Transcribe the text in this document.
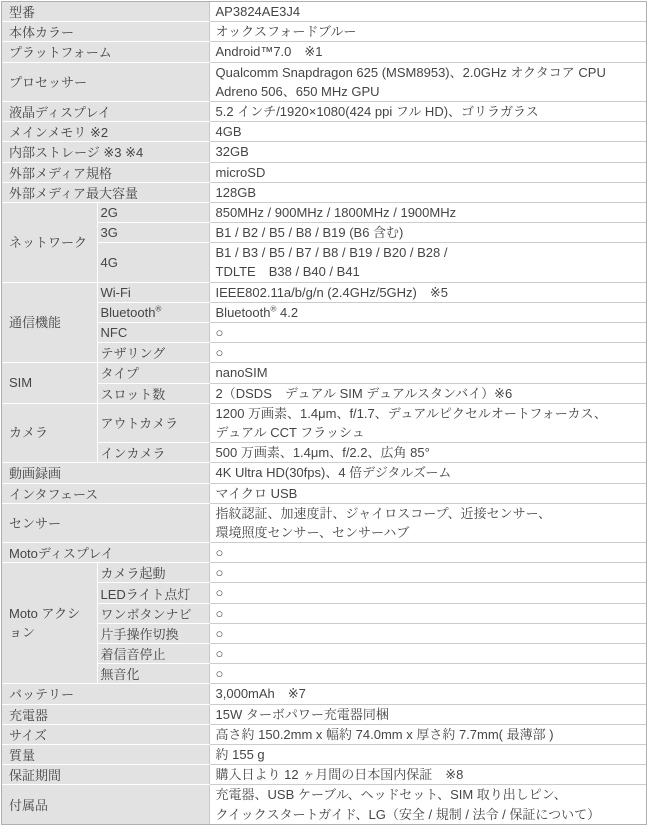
型番		AP3824AE3J4

本体カラー		オックスフォードブルー

プラットフォーム		Android™7.0　※1

プロセッサー		Qualcomm Snapdragon 625 (MSM8953)、2.0GHz オクタコア CPU
Adreno 506、650 MHz GPU

液晶ディスプレイ		5.2 インチ/1920×1080(424 ppi フル HD)、ゴリラガラス

メインメモリ ※2		4GB

内部ストレージ ※3 ※4		32GB

外部メディア規格		microSD

外部メディア最大容量		128GB

ネットワーク	2G	850MHz / 900MHz / 1800MHz / 1900MHz

	3G	B1 / B2 / B5 / B8 / B19 (B6 含む)

	4G	B1 / B3 / B5 / B7 / B8 / B19 / B20 / B28 /
TDLTE　B38 / B40 / B41

通信機能	Wi-Fi	IEEE802.11a/b/g/n (2.4GHz/5GHz)　※5

	Bluetooth®	Bluetooth® 4.2

	NFC	○

	テザリング	○

SIM	タイプ	nanoSIM

	スロット数	2（DSDS　デュアル SIM デュアルスタンバイ）※6

カメラ	アウトカメラ	1200 万画素、1.4μm、f/1.7、デュアルピクセルオートフォーカス、
デュアル CCT フラッシュ

	インカメラ	500 万画素、1.4μm、f/2.2、広角 85°

動画録画		4K Ultra HD(30fps)、4 倍デジタルズーム

インタフェース		マイクロ USB

センサー		指紋認証、加速度計、ジャイロスコープ、近接センサー、
環境照度センサー、センサーハブ

Motoディスプレイ		○

Moto アクション	カメラ起動	○

	LEDライト点灯	○

	ワンボタンナビ	○

	片手操作切換	○

	着信音停止	○

	無音化	○

バッテリー		3,000mAh　※7

充電器		15W ターボパワー充電器同梱

サイズ		高さ約 150.2mm x 幅約 74.0mm x 厚さ約 7.7mm( 最薄部 )

質量		約 155 g

保証期間		購入日より 12 ヶ月間の日本国内保証　※8

付属品		充電器、USB ケーブル、ヘッドセット、SIM 取り出しピン、
クイックスタートガイド、LG（安全 / 規制 / 法令 / 保証について）
